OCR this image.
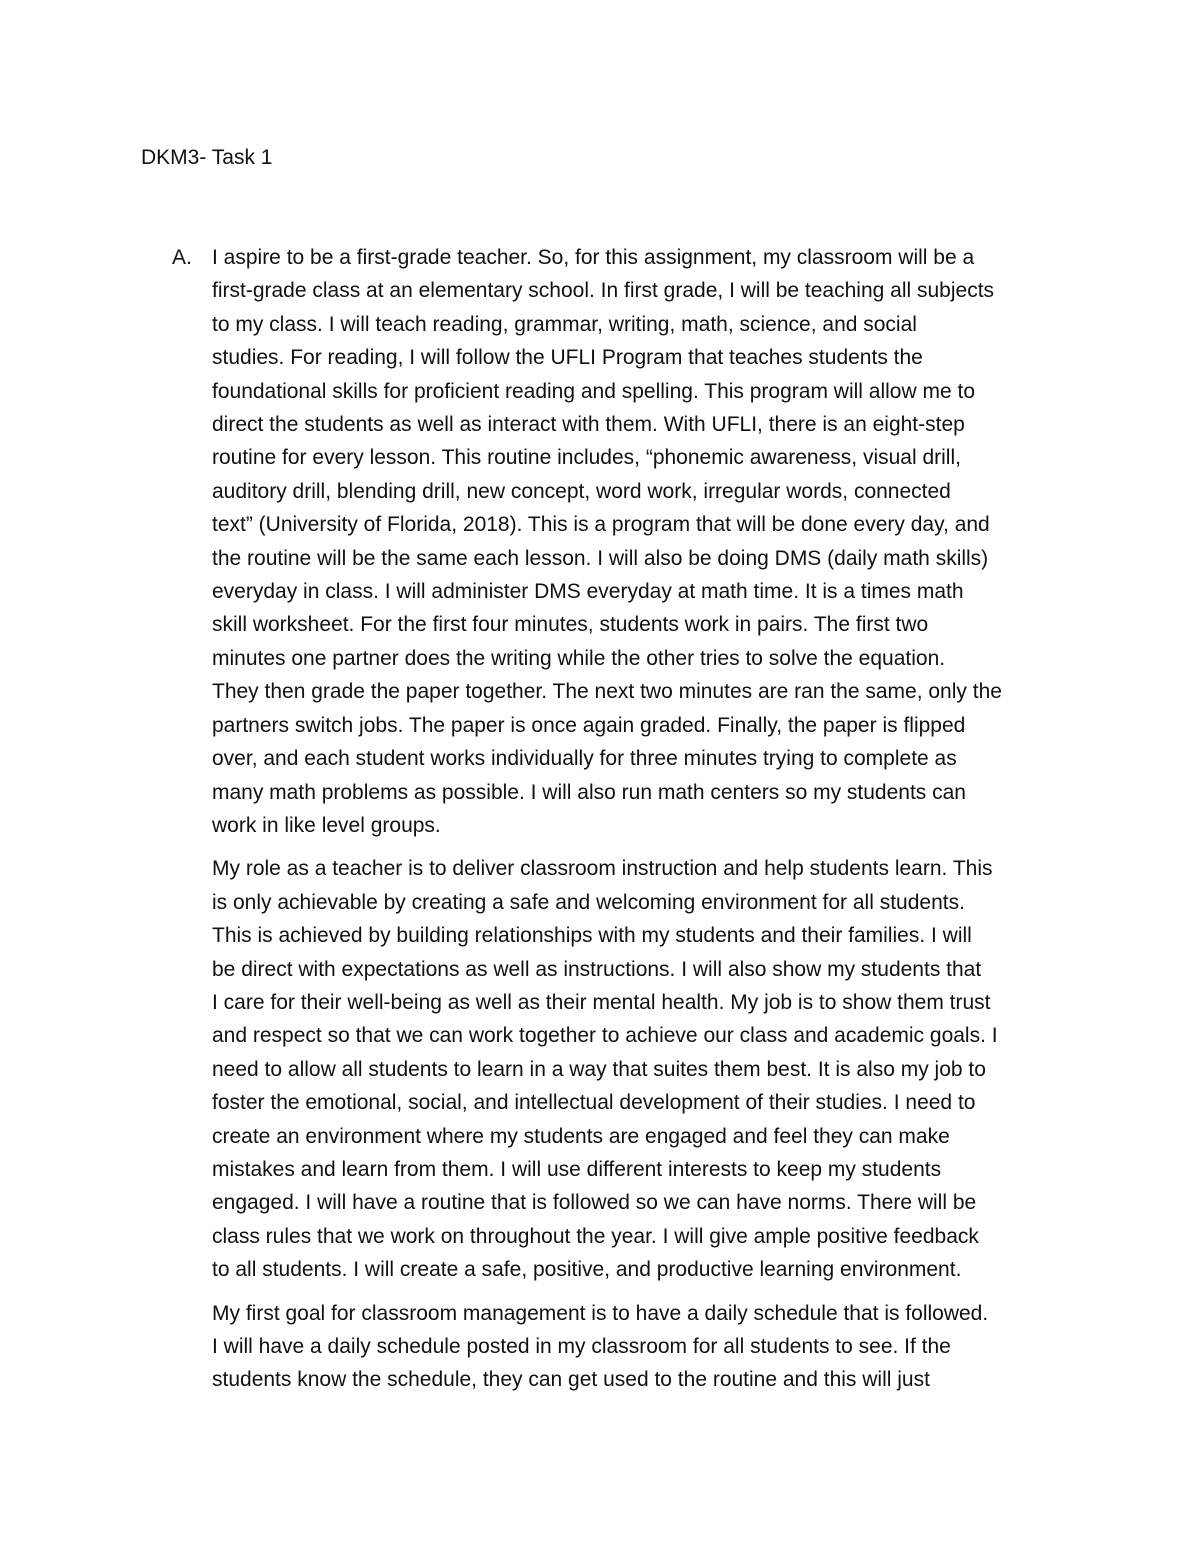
DKM3- Task 1
A. I aspire to be a first-grade teacher. So, for this assignment, my classroom will be a
first-grade class at an elementary school. In first grade, I will be teaching all subjects
to my class. I will teach reading, grammar, writing, math, science, and social
studies. For reading, I will follow the UFLI Program that teaches students the
foundational skills for proficient reading and spelling. This program will allow me to
direct the students as well as interact with them. With UFLI, there is an eight-step
routine for every lesson. This routine includes, “phonemic awareness, visual drill,
auditory drill, blending drill, new concept, word work, irregular words, connected
text” (University of Florida, 2018). This is a program that will be done every day, and
the routine will be the same each lesson. I will also be doing DMS (daily math skills)
everyday in class. I will administer DMS everyday at math time. It is a times math
skill worksheet. For the first four minutes, students work in pairs. The first two
minutes one partner does the writing while the other tries to solve the equation.
They then grade the paper together. The next two minutes are ran the same, only the
partners switch jobs. The paper is once again graded. Finally, the paper is flipped
over, and each student works individually for three minutes trying to complete as
many math problems as possible. I will also run math centers so my students can
work in like level groups.
My role as a teacher is to deliver classroom instruction and help students learn. This
is only achievable by creating a safe and welcoming environment for all students.
This is achieved by building relationships with my students and their families. I will
be direct with expectations as well as instructions. I will also show my students that
I care for their well-being as well as their mental health. My job is to show them trust
and respect so that we can work together to achieve our class and academic goals. I
need to allow all students to learn in a way that suites them best. It is also my job to
foster the emotional, social, and intellectual development of their studies. I need to
create an environment where my students are engaged and feel they can make
mistakes and learn from them. I will use different interests to keep my students
engaged. I will have a routine that is followed so we can have norms. There will be
class rules that we work on throughout the year. I will give ample positive feedback
to all students. I will create a safe, positive, and productive learning environment.
My first goal for classroom management is to have a daily schedule that is followed.
I will have a daily schedule posted in my classroom for all students to see. If the
students know the schedule, they can get used to the routine and this will just
